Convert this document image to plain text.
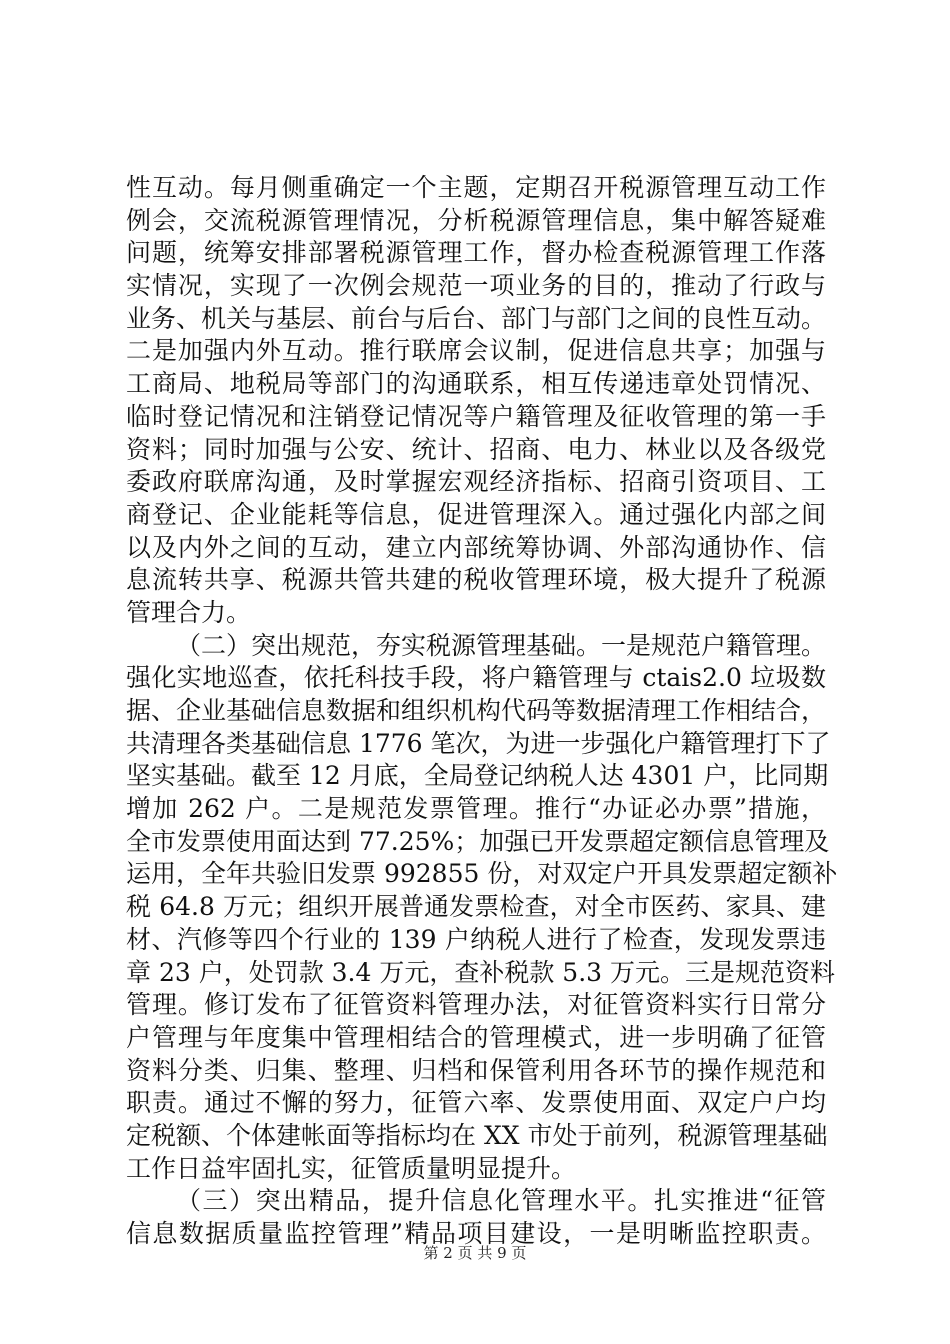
性互动。每月侧重确定一个主题，定期召开税源管理互动工作
例会，交流税源管理情况，分析税源管理信息，集中解答疑难
问题，统筹安排部署税源管理工作，督办检查税源管理工作落
实情况，实现了一次例会规范一项业务的目的，推动了行政与
业务、机关与基层、前台与后台、部门与部门之间的良性互动。
二是加强内外互动。推行联席会议制，促进信息共享；加强与
工商局、地税局等部门的沟通联系，相互传递违章处罚情况、
临时登记情况和注销登记情况等户籍管理及征收管理的第一手
资料；同时加强与公安、统计、招商、电力、林业以及各级党
委政府联席沟通，及时掌握宏观经济指标、招商引资项目、工
商登记、企业能耗等信息，促进管理深入。通过强化内部之间
以及内外之间的互动，建立内部统筹协调、外部沟通协作、信
息流转共享、税源共管共建的税收管理环境，极大提升了税源
管理合力。
（二）突出规范，夯实税源管理基础。一是规范户籍管理。
强化实地巡查，依托科技手段，将户籍管理与 ctais2.0 垃圾数
据、企业基础信息数据和组织机构代码等数据清理工作相结合，
共清理各类基础信息 1776 笔次，为进一步强化户籍管理打下了
坚实基础。截至 12 月底，全局登记纳税人达 4301 户，比同期
增加 262 户。二是规范发票管理。推行“办证必办票”措施，
全市发票使用面达到 77.25%；加强已开发票超定额信息管理及
运用，全年共验旧发票 992855 份，对双定户开具发票超定额补
税 64.8 万元；组织开展普通发票检查，对全市医药、家具、建
材、汽修等四个行业的 139 户纳税人进行了检查，发现发票违
章 23 户，处罚款 3.4 万元，查补税款 5.3 万元。三是规范资料
管理。修订发布了征管资料管理办法，对征管资料实行日常分
户管理与年度集中管理相结合的管理模式，进一步明确了征管
资料分类、归集、整理、归档和保管利用各环节的操作规范和
职责。通过不懈的努力，征管六率、发票使用面、双定户户均
定税额、个体建帐面等指标均在 XX 市处于前列，税源管理基础
工作日益牢固扎实，征管质量明显提升。
（三）突出精品，提升信息化管理水平。扎实推进“征管
信息数据质量监控管理”精品项目建设，一是明晰监控职责。
第 2 页 共 9 页
